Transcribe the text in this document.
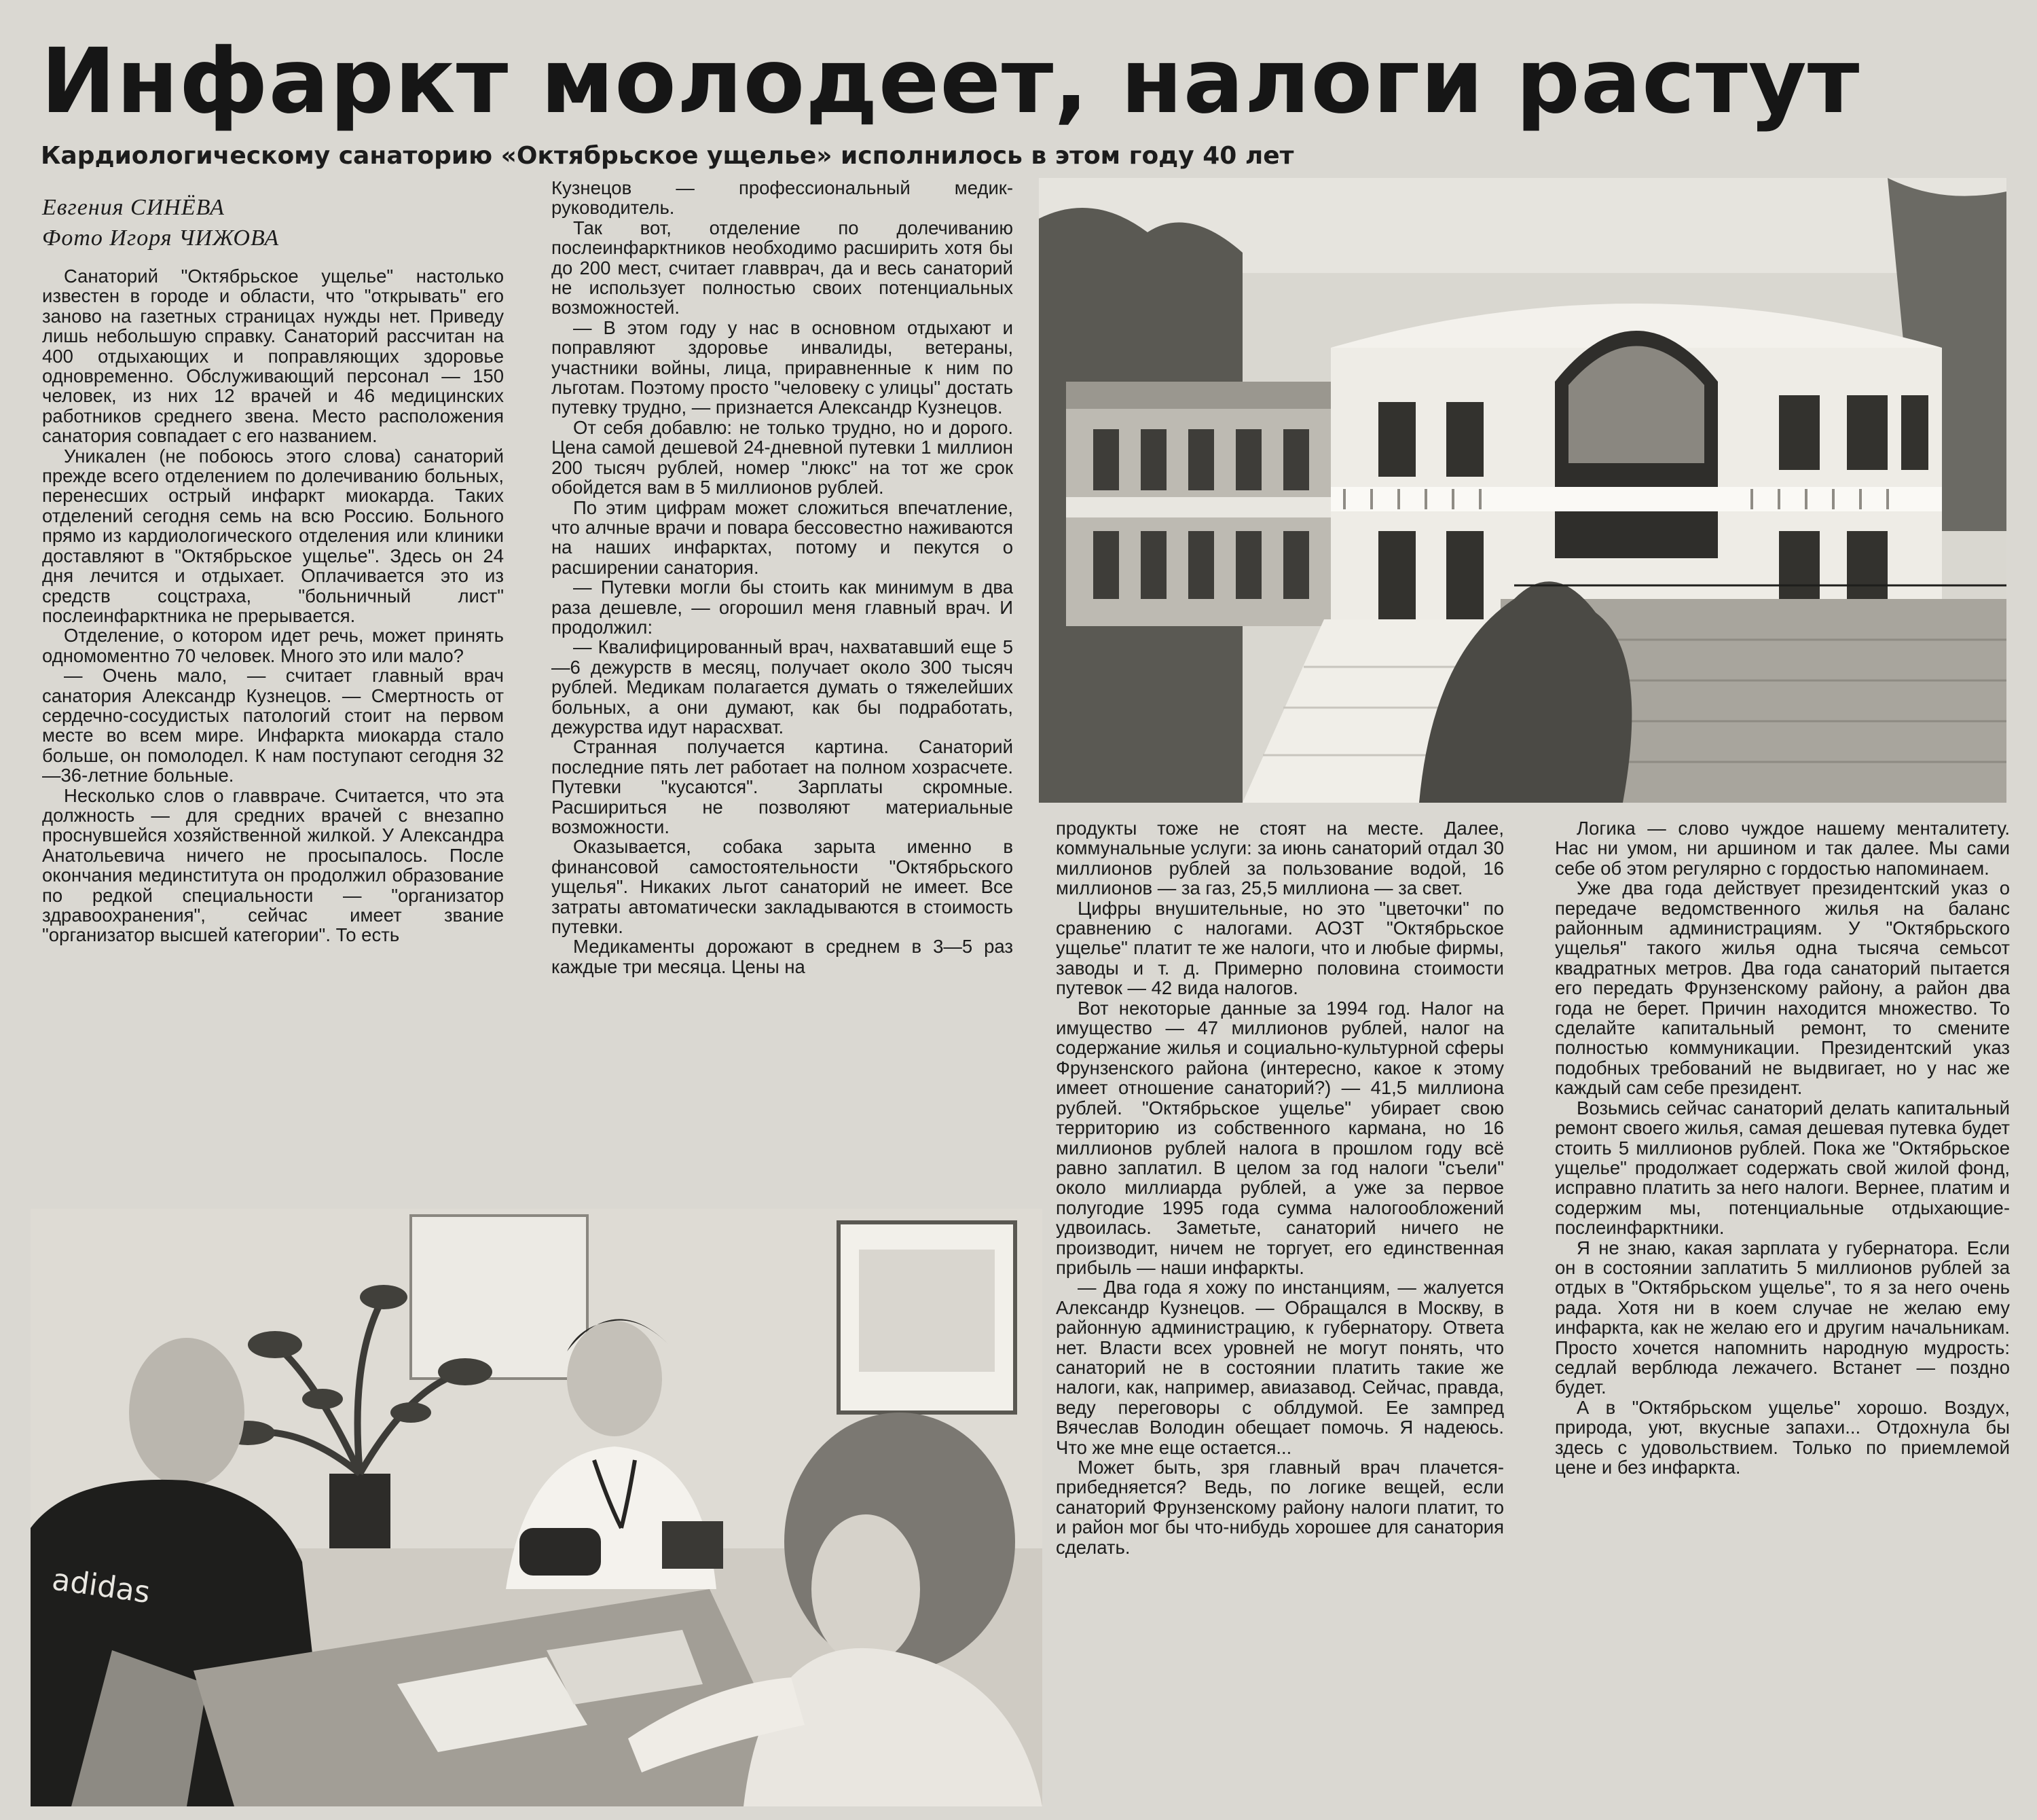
Инфаркт молодеет, налоги растут
Кардиологическому санаторию «Октябрьское ущелье» исполнилось в этом году 40 лет
Евгения СИНЁВА
Фото Игоря ЧИЖОВА

Санаторий "Октябрьское ущелье" настолько известен в городе и области, что "открывать" его заново на газетных страницах нужды нет. Приведу лишь небольшую справку. Санаторий рассчитан на 400 отдыхающих и поправляющих здоровье одновременно. Обслуживающий персонал — 150 человек, из них 12 врачей и 46 медицинских работников среднего звена. Место расположения санатория совпадает с его названием.

Уникален (не побоюсь этого слова) санаторий прежде всего отделением по долечиванию больных, перенесших острый инфаркт миокарда. Таких отделений сегодня семь на всю Россию. Больного прямо из кардиологического отделения или клиники доставляют в "Октябрьское ущелье". Здесь он 24 дня лечится и отдыхает. Оплачивается это из средств соцстраха, "больничный лист" послеинфарктника не прерывается.

Отделение, о котором идет речь, может принять одномоментно 70 человек. Много это или мало?

— Очень мало, — считает главный врач санатория Александр Кузнецов. — Смертность от сердечно-сосудистых патологий стоит на первом месте во всем мире. Инфаркта миокарда стало больше, он помолодел. К нам поступают сегодня 32—36-летние больные.

Несколько слов о главвраче. Считается, что эта должность — для средних врачей с внезапно проснувшейся хозяйственной жилкой. У Александра Анатольевича ничего не просыпалось. После окончания мединститута он продолжил образование по редкой специальности — "организатор здравоохранения", сейчас имеет звание "организатор высшей категории". То есть

Кузнецов — профессиональный медик-руководитель.

Так вот, отделение по долечиванию послеинфарктников необходимо расширить хотя бы до 200 мест, считает главврач, да и весь санаторий не использует полностью своих потенциальных возможностей.

— В этом году у нас в основном отдыхают и поправляют здоровье инвалиды, ветераны, участники войны, лица, приравненные к ним по льготам. Поэтому просто "человеку с улицы" достать путевку трудно, — признается Александр Кузнецов.

От себя добавлю: не только трудно, но и дорого. Цена самой дешевой 24-дневной путевки 1 миллион 200 тысяч рублей, номер "люкс" на тот же срок обойдется вам в 5 миллионов рублей.

По этим цифрам может сложиться впечатление, что алчные врачи и повара бессовестно наживаются на наших инфарктах, потому и пекутся о расширении санатория.

— Путевки могли бы стоить как минимум в два раза дешевле, — огорошил меня главный врач. И продолжил:

— Квалифицированный врач, нахватавший еще 5—6 дежурств в месяц, получает около 300 тысяч рублей. Медикам полагается думать о тяжелейших больных, а они думают, как бы подработать, дежурства идут нарасхват.

Странная получается картина. Санаторий последние пять лет работает на полном хозрасчете. Путевки "кусаются". Зарплаты скромные. Расшириться не позволяют материальные возможности.

Оказывается, собака зарыта именно в финансовой самостоятельности "Октябрьского ущелья". Никаких льгот санаторий не имеет. Все затраты автоматически закладываются в стоимость путевки.

Медикаменты дорожают в среднем в 3—5 раз каждые три месяца. Цены на

продукты тоже не стоят на месте. Далее, коммунальные услуги: за июнь санаторий отдал 30 миллионов рублей за пользование водой, 16 миллионов — за газ, 25,5 миллиона — за свет.

Цифры внушительные, но это "цветочки" по сравнению с налогами. АОЗТ "Октябрьское ущелье" платит те же налоги, что и любые фирмы, заводы и т. д. Примерно половина стоимости путевок — 42 вида налогов.

Вот некоторые данные за 1994 год. Налог на имущество — 47 миллионов рублей, налог на содержание жилья и социально-культурной сферы Фрунзенского района (интересно, какое к этому имеет отношение санаторий?) — 41,5 миллиона рублей. "Октябрьское ущелье" убирает свою территорию из собственного кармана, но 16 миллионов рублей налога в прошлом году всё равно заплатил. В целом за год налоги "съели" около миллиарда рублей, а уже за первое полугодие 1995 года сумма налогообложений удвоилась. Заметьте, санаторий ничего не производит, ничем не торгует, его единственная прибыль — наши инфаркты.

— Два года я хожу по инстанциям, — жалуется Александр Кузнецов. — Обращался в Москву, в районную администрацию, к губернатору. Ответа нет. Власти всех уровней не могут понять, что санаторий не в состоянии платить такие же налоги, как, например, авиазавод. Сейчас, правда, веду переговоры с облдумой. Ее зампред Вячеслав Володин обещает помочь. Я надеюсь. Что же мне еще остается...

Может быть, зря главный врач плачется-прибедняется? Ведь, по логике вещей, если санаторий Фрунзенскому району налоги платит, то и район мог бы что-нибудь хорошее для санатория сделать.

Логика — слово чуждое нашему менталитету. Нас ни умом, ни аршином и так далее. Мы сами себе об этом регулярно с гордостью напоминаем.

Уже два года действует президентский указ о передаче ведомственного жилья на баланс районным администрациям. У "Октябрьского ущелья" такого жилья одна тысяча семьсот квадратных метров. Два года санаторий пытается его передать Фрунзенскому району, а район два года не берет. Причин находится множество. То сделайте капитальный ремонт, то смените полностью коммуникации. Президентский указ подобных требований не выдвигает, но у нас же каждый сам себе президент.

Возьмись сейчас санаторий делать капитальный ремонт своего жилья, самая дешевая путевка будет стоить 5 миллионов рублей. Пока же "Октябрьское ущелье" продолжает содержать свой жилой фонд, исправно платить за него налоги. Вернее, платим и содержим мы, потенциальные отдыхающие-послеинфарктники.

Я не знаю, какая зарплата у губернатора. Если он в состоянии заплатить 5 миллионов рублей за отдых в "Октябрьском ущелье", то я за него очень рада. Хотя ни в коем случае не желаю ему инфаркта, как не желаю его и другим начальникам. Просто хочется напомнить народную мудрость: седлай верблюда лежачего. Встанет — поздно будет.

А в "Октябрьском ущелье" хорошо. Воздух, природа, уют, вкусные запахи... Отдохнула бы здесь с удовольствием. Только по приемлемой цене и без инфаркта.

adidas
